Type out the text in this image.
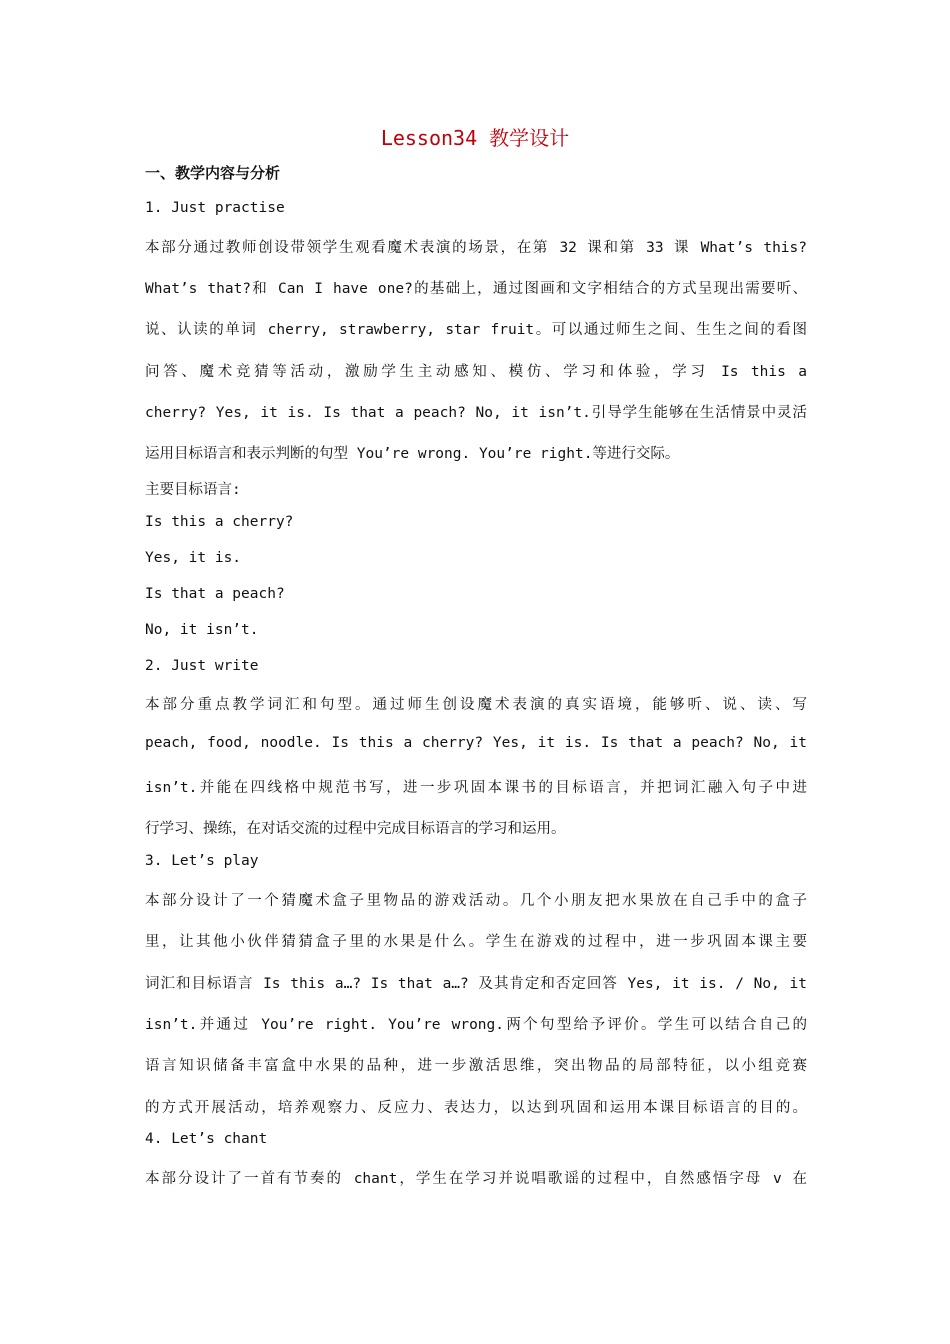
Lesson34 教学设计
一、教学内容与分析
1. Just practise
本部分通过教师创设带领学生观看魔术表演的场景，在第 32 课和第 33 课 What’s this?
What’s that?和 Can I have one?的基础上，通过图画和文字相结合的方式呈现出需要听、
说、认读的单词 cherry, strawberry, star fruit。可以通过师生之间、生生之间的看图
问答、魔术竞猜等活动，激励学生主动感知、模仿、学习和体验，学习 Is this a
cherry? Yes, it is. Is that a peach? No, it isn’t.引导学生能够在生活情景中灵活
运用目标语言和表示判断的句型 You’re wrong. You’re right.等进行交际。
主要目标语言:
Is this a cherry?
Yes, it is.
Is that a peach?
No, it isn’t.
2. Just write
本部分重点教学词汇和句型。通过师生创设魔术表演的真实语境，能够听、说、读、写
peach, food, noodle. Is this a cherry? Yes, it is. Is that a peach? No, it
isn’t.并能在四线格中规范书写，进一步巩固本课书的目标语言，并把词汇融入句子中进
行学习、操练，在对话交流的过程中完成目标语言的学习和运用。
3. Let’s play
本部分设计了一个猜魔术盒子里物品的游戏活动。几个小朋友把水果放在自己手中的盒子
里，让其他小伙伴猜猜盒子里的水果是什么。学生在游戏的过程中，进一步巩固本课主要
词汇和目标语言 Is this a…? Is that a…? 及其肯定和否定回答 Yes, it is. / No, it
isn’t.并通过 You’re right. You’re wrong.两个句型给予评价。学生可以结合自己的
语言知识储备丰富盒中水果的品种，进一步激活思维，突出物品的局部特征，以小组竞赛
的方式开展活动，培养观察力、反应力、表达力，以达到巩固和运用本课目标语言的目的。
4. Let’s chant
本部分设计了一首有节奏的 chant，学生在学习并说唱歌谣的过程中，自然感悟字母 v 在
